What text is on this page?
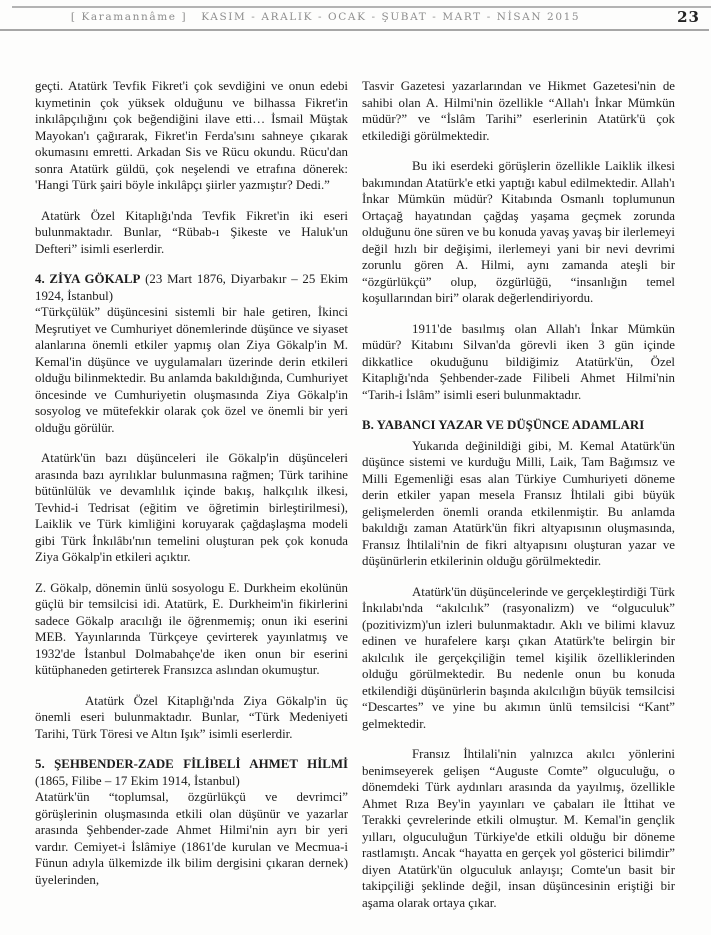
[ Karamannâme ] KASIM - ARALIK - OCAK - ŞUBAT - MART - NİSAN 2015	23

geçti. Atatürk Tevfik Fikret'i çok sevdiğini ve onun edebi kıymetinin çok yüksek olduğunu ve bilhassa Fikret'in inkılâpçılığını çok beğendiğini ilave etti… İsmail Müştak Mayokan'ı çağırarak, Fikret'in Ferda'sını sahneye çıkarak okumasını emretti. Arkadan Sis ve Rücu okundu. Rücu'dan sonra Atatürk güldü, çok neşelendi ve etrafına dönerek: 'Hangi Türk şairi böyle inkılâpçı şiirler yazmıştır? Dedi.”

Atatürk Özel Kitaplığı'nda Tevfik Fikret'in iki eseri bulunmaktadır. Bunlar, “Rübab-ı Şikeste ve Haluk'un Defteri” isimli eserlerdir.

4. ZİYA GÖKALP (23 Mart 1876, Diyarbakır – 25 Ekim 1924, İstanbul)

“Türkçülük” düşüncesini sistemli bir hale getiren, İkinci Meşrutiyet ve Cumhuriyet dönemlerinde düşünce ve siyaset alanlarına önemli etkiler yapmış olan Ziya Gökalp'in M. Kemal'in düşünce ve uygulamaları üzerinde derin etkileri olduğu bilinmektedir. Bu anlamda bakıldığında, Cumhuriyet öncesinde ve Cumhuriyetin oluşmasında Ziya Gökalp'in sosyolog ve mütefekkir olarak çok özel ve önemli bir yeri olduğu görülür.

Atatürk'ün bazı düşünceleri ile Gökalp'in düşünceleri arasında bazı ayrılıklar bulunmasına rağmen; Türk tarihine bütünlülük ve devamlılık içinde bakış, halkçılık ilkesi, Tevhid-i Tedrisat (eğitim ve öğretimin birleştirilmesi), Laiklik ve Türk kimliğini koruyarak çağdaşlaşma modeli gibi Türk İnkılâbı'nın temelini oluşturan pek çok konuda Ziya Gökalp'in etkileri açıktır.

Z. Gökalp, dönemin ünlü sosyologu E. Durkheim ekolünün güçlü bir temsilcisi idi. Atatürk, E. Durkheim'in fikirlerini sadece Gökalp aracılığı ile öğrenmemiş; onun iki eserini MEB. Yayınlarında Türkçeye çevirterek yayınlatmış ve 1932'de İstanbul Dolmabahçe'de iken onun bir eserini kütüphaneden getirterek Fransızca aslından okumuştur.

Atatürk Özel Kitaplığı'nda Ziya Gökalp'in üç önemli eseri bulunmaktadır. Bunlar, “Türk Medeniyeti Tarihi, Türk Töresi ve Altın Işık” isimli eserlerdir.

5. ŞEHBENDER-ZADE FİLİBELİ AHMET HİLMİ (1865, Filibe – 17 Ekim 1914, İstanbul)

Atatürk'ün “toplumsal, özgürlükçü ve devrimci” görüşlerinin oluşmasında etkili olan düşünür ve yazarlar arasında Şehbender-zade Ahmet Hilmi'nin ayrı bir yeri vardır. Cemiyet-i İslâmiye (1861'de kurulan ve Mecmua-i Fünun adıyla ülkemizde ilk bilim dergisini çıkaran dernek) üyelerinden,

Tasvir Gazetesi yazarlarından ve Hikmet Gazetesi'nin de sahibi olan A. Hilmi'nin özellikle “Allah'ı İnkar Mümkün müdür?” ve “İslâm Tarihi” eserlerinin Atatürk'ü çok etkilediği görülmektedir.

Bu iki eserdeki görüşlerin özellikle Laiklik ilkesi bakımından Atatürk'e etki yaptığı kabul edilmektedir. Allah'ı İnkar Mümkün müdür? Kitabında Osmanlı toplumunun Ortaçağ hayatından çağdaş yaşama geçmek zorunda olduğunu öne süren ve bu konuda yavaş yavaş bir ilerlemeyi değil hızlı bir değişimi, ilerlemeyi yani bir nevi devrimi zorunlu gören A. Hilmi, aynı zamanda ateşli bir “özgürlükçü” olup, özgürlüğü, “insanlığın temel koşullarından biri” olarak değerlendiriyordu.

1911'de basılmış olan Allah'ı İnkar Mümkün müdür? Kitabını Silvan'da görevli iken 3 gün içinde dikkatlice okuduğunu bildiğimiz Atatürk'ün, Özel Kitaplığı'nda Şehbender-zade Filibeli Ahmet Hilmi'nin “Tarih-i İslâm” isimli eseri bulunmaktadır.

B. YABANCI YAZAR VE DÜŞÜNCE ADAMLARI

Yukarıda değinildiği gibi, M. Kemal Atatürk'ün düşünce sistemi ve kurduğu Milli, Laik, Tam Bağımsız ve Milli Egemenliği esas alan Türkiye Cumhuriyeti döneme derin etkiler yapan mesela Fransız İhtilali gibi büyük gelişmelerden önemli oranda etkilenmiştir. Bu anlamda bakıldığı zaman Atatürk'ün fikri altyapısının oluşmasında, Fransız İhtilali'nin de fikri altyapısını oluşturan yazar ve düşünürlerin etkilerinin olduğu görülmektedir.

Atatürk'ün düşüncelerinde ve gerçekleştirdiği Türk İnkılabı'nda “akılcılık” (rasyonalizm) ve “olguculuk” (pozitivizm)'un izleri bulunmaktadır. Aklı ve bilimi klavuz edinen ve hurafelere karşı çıkan Atatürk'te belirgin bir akılcılık ile gerçekçiliğin temel kişilik özelliklerinden olduğu görülmektedir. Bu nedenle onun bu konuda etkilendiği düşünürlerin başında akılcılığın büyük temsilcisi “Descartes” ve yine bu akımın ünlü temsilcisi “Kant” gelmektedir.

Fransız İhtilali'nin yalnızca akılcı yönlerini benimseyerek gelişen “Auguste Comte” olguculuğu, o dönemdeki Türk aydınları arasında da yayılmış, özellikle Ahmet Rıza Bey'in yayınları ve çabaları ile İttihat ve Terakki çevrelerinde etkili olmuştur. M. Kemal'in gençlik yılları, olguculuğun Türkiye'de etkili olduğu bir döneme rastlamıştı. Ancak “hayatta en gerçek yol gösterici bilimdir” diyen Atatürk'ün olguculuk anlayışı; Comte'un basit bir takipçiliği şeklinde değil, insan düşüncesinin eriştiği bir aşama olarak ortaya çıkar.
